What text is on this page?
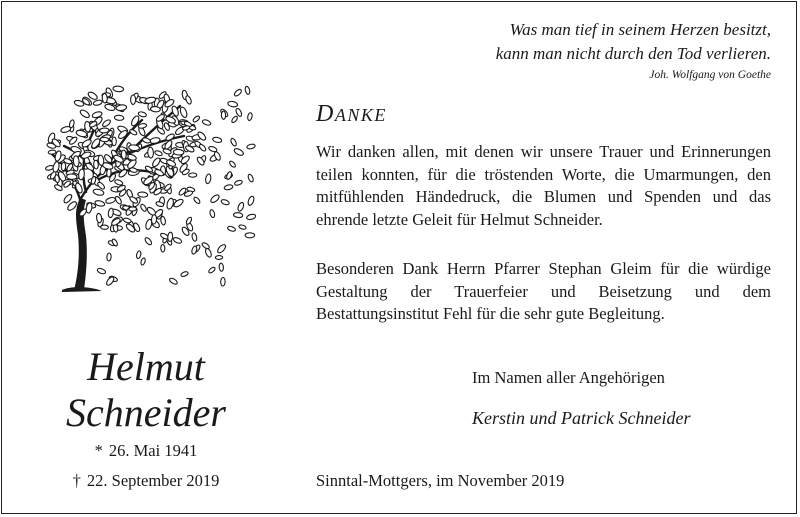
Was man tief in seinem Herzen besitzt,
kann man nicht durch den Tod verlieren.
Joh. Wolfgang von Goethe
DANKE
Wir danken allen, mit denen wir unsere Trauer und Erinnerungen teilen konnten, für die tröstenden Worte, die Umarmungen, den mitfühlenden Händedruck, die Blumen und Spenden und das ehrende letzte Geleit für Helmut Schneider.
Besonderen Dank Herrn Pfarrer Stephan Gleim für die würdige Gestaltung der Trauerfeier und Beisetzung und dem Bestattungsinstitut Fehl für die sehr gute Begleitung.
Helmut
Schneider
* 26. Mai 1941
† 22. September 2019
Im Namen aller Angehörigen
Kerstin und Patrick Schneider
Sinntal-Mottgers, im November 2019
